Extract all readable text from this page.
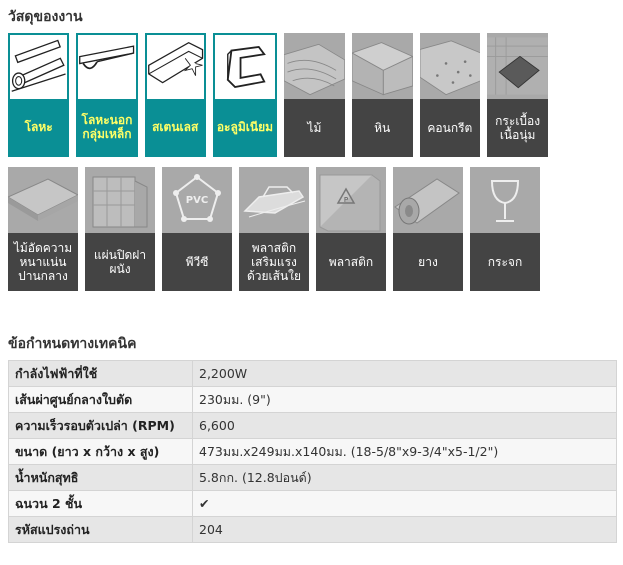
วัสดุของงาน
โลหะ	โลหะนอกกลุ่มเหล็ก	สเตนเลส	อะลูมิเนียม	ไม้	หิน	คอนกรีต	กระเบื้องเนื้อนุ่ม
ไม้อัดความหนาแน่นปานกลาง
แผ่นปิดฝาผนัง
PVC
พีวีซี
พลาสติกเสริมแรงด้วยเส้นใย
P
พลาสติก	ยาง	กระจก
ข้อกำหนดทางเทคนิค
กำลังไฟฟ้าที่ใช้	2,200W
เส้นผ่าศูนย์กลางใบตัด	230มม. (9")
ความเร็วรอบตัวเปล่า (RPM)	6,600
ขนาด (ยาว x กว้าง x สูง)	473มม.x249มม.x140มม. (18-5/8"x9-3/4"x5-1/2")
น้ำหนักสุทธิ	5.8กก. (12.8ปอนด์)
ฉนวน 2 ชั้น	✔
รหัสแปรงถ่าน	204
